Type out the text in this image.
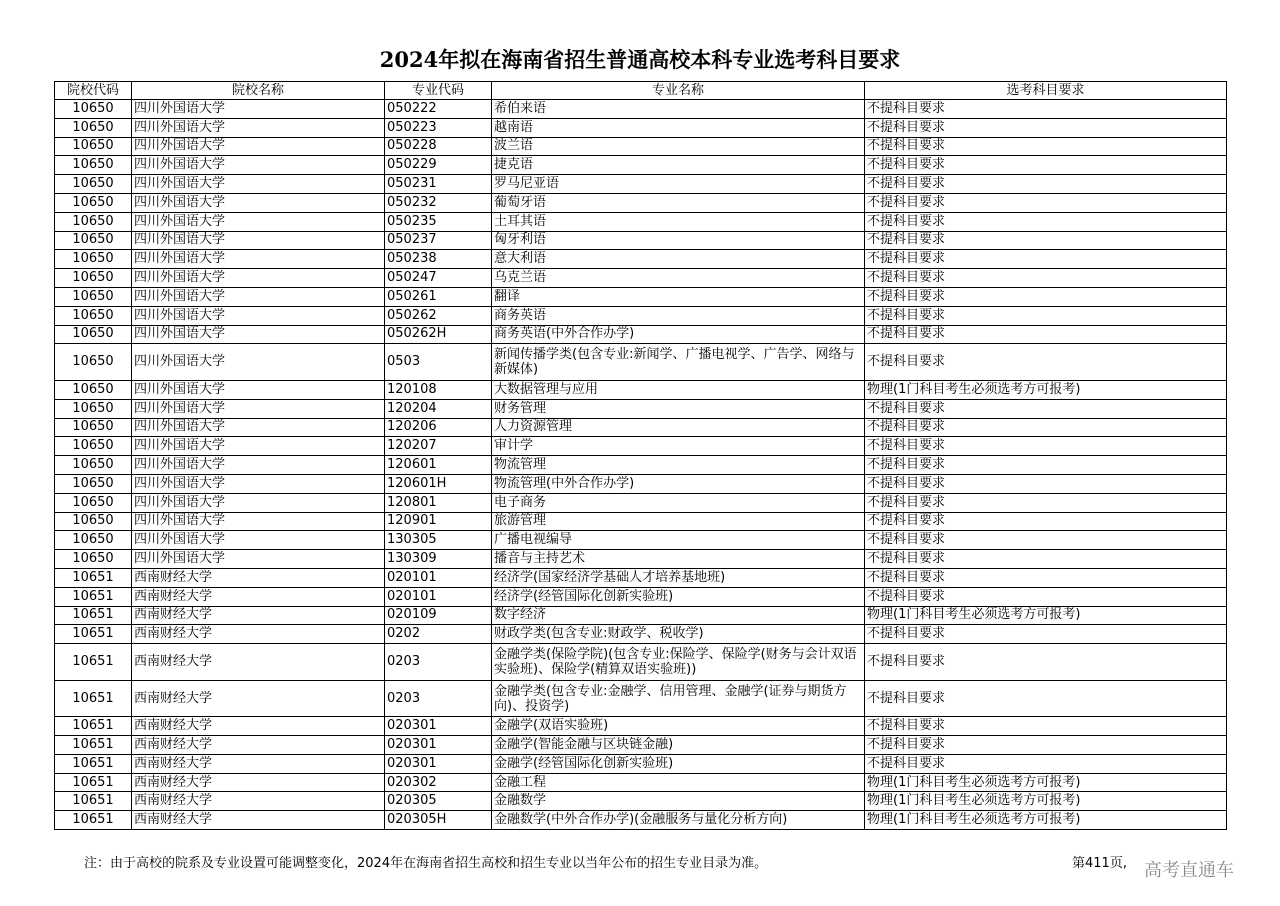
2024年拟在海南省招生普通高校本科专业选考科目要求
院校代码	院校名称	专业代码	专业名称	选考科目要求
10650	四川外国语大学	050222	希伯来语	不提科目要求
10650	四川外国语大学	050223	越南语	不提科目要求
10650	四川外国语大学	050228	波兰语	不提科目要求
10650	四川外国语大学	050229	捷克语	不提科目要求
10650	四川外国语大学	050231	罗马尼亚语	不提科目要求
10650	四川外国语大学	050232	葡萄牙语	不提科目要求
10650	四川外国语大学	050235	土耳其语	不提科目要求
10650	四川外国语大学	050237	匈牙利语	不提科目要求
10650	四川外国语大学	050238	意大利语	不提科目要求
10650	四川外国语大学	050247	乌克兰语	不提科目要求
10650	四川外国语大学	050261	翻译	不提科目要求
10650	四川外国语大学	050262	商务英语	不提科目要求
10650	四川外国语大学	050262H	商务英语(中外合作办学)	不提科目要求
10650	四川外国语大学	0503	新闻传播学类(包含专业:新闻学、广播电视学、广告学、网络与新媒体)	不提科目要求
10650	四川外国语大学	120108	大数据管理与应用	物理(1门科目考生必须选考方可报考)
10650	四川外国语大学	120204	财务管理	不提科目要求
10650	四川外国语大学	120206	人力资源管理	不提科目要求
10650	四川外国语大学	120207	审计学	不提科目要求
10650	四川外国语大学	120601	物流管理	不提科目要求
10650	四川外国语大学	120601H	物流管理(中外合作办学)	不提科目要求
10650	四川外国语大学	120801	电子商务	不提科目要求
10650	四川外国语大学	120901	旅游管理	不提科目要求
10650	四川外国语大学	130305	广播电视编导	不提科目要求
10650	四川外国语大学	130309	播音与主持艺术	不提科目要求
10651	西南财经大学	020101	经济学(国家经济学基础人才培养基地班)	不提科目要求
10651	西南财经大学	020101	经济学(经管国际化创新实验班)	不提科目要求
10651	西南财经大学	020109	数字经济	物理(1门科目考生必须选考方可报考)
10651	西南财经大学	0202	财政学类(包含专业:财政学、税收学)	不提科目要求
10651	西南财经大学	0203	金融学类(保险学院)(包含专业:保险学、保险学(财务与会计双语实验班)、保险学(精算双语实验班))	不提科目要求
10651	西南财经大学	0203	金融学类(包含专业:金融学、信用管理、金融学(证券与期货方向)、投资学)	不提科目要求
10651	西南财经大学	020301	金融学(双语实验班)	不提科目要求
10651	西南财经大学	020301	金融学(智能金融与区块链金融)	不提科目要求
10651	西南财经大学	020301	金融学(经管国际化创新实验班)	不提科目要求
10651	西南财经大学	020302	金融工程	物理(1门科目考生必须选考方可报考)
10651	西南财经大学	020305	金融数学	物理(1门科目考生必须选考方可报考)
10651	西南财经大学	020305H	金融数学(中外合作办学)(金融服务与量化分析方向)	物理(1门科目考生必须选考方可报考)
注：由于高校的院系及专业设置可能调整变化，2024年在海南省招生高校和招生专业以当年公布的招生专业目录为准。	第411页, 高考直通车
